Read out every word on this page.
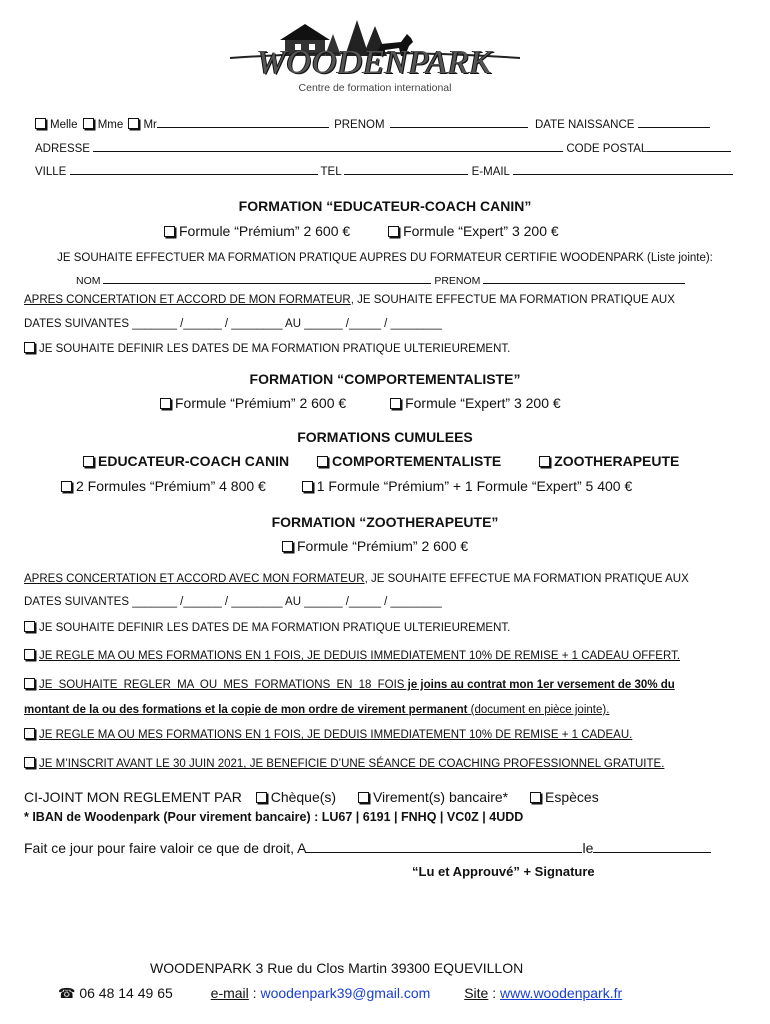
WOODENPARK
Centre de formation international
Melle Mme Mr	PRENOM	DATE NAISSANCE
ADRESSE	CODE POSTAL
VILLE	TEL	E-MAIL
FORMATION “EDUCATEUR-COACH CANIN”
Formule “Prémium” 2 600 €	Formule “Expert” 3 200 €
JE SOUHAITE EFFECTUER MA FORMATION PRATIQUE AUPRES DU FORMATEUR CERTIFIE WOODENPARK (Liste jointe):
NOM	PRENOM
APRES CONCERTATION ET ACCORD DE MON FORMATEUR, JE SOUHAITE EFFECTUE MA FORMATION PRATIQUE AUX
DATES SUIVANTES _______ /______ / ________ AU ______ /_____ / ________
JE SOUHAITE DEFINIR LES DATES DE MA FORMATION PRATIQUE ULTERIEUREMENT.
FORMATION “COMPORTEMENTALISTE”
Formule “Prémium” 2 600 €	Formule “Expert” 3 200 €
FORMATIONS CUMULEES
EDUCATEUR-COACH CANIN	COMPORTEMENTALISTE	ZOOTHERAPEUTE
2 Formules “Prémium” 4 800 €	1 Formule “Prémium” + 1 Formule “Expert” 5 400 €
FORMATION “ZOOTHERAPEUTE”
Formule “Prémium” 2 600 €
APRES CONCERTATION ET ACCORD AVEC MON FORMATEUR, JE SOUHAITE EFFECTUE MA FORMATION PRATIQUE AUX
DATES SUIVANTES _______ /______ / ________ AU ______ /_____ / ________
JE SOUHAITE DEFINIR LES DATES DE MA FORMATION PRATIQUE ULTERIEUREMENT.
JE REGLE MA OU MES FORMATIONS EN 1 FOIS, JE DEDUIS IMMEDIATEMENT 10% DE REMISE + 1 CADEAU OFFERT.
JE SOUHAITE REGLER MA OU MES FORMATIONS EN 18 FOIS je joins au contrat mon 1er versement de 30% du
montant de la ou des formations et la copie de mon ordre de virement permanent (document en pièce jointe).
JE REGLE MA OU MES FORMATIONS EN 1 FOIS, JE DEDUIS IMMEDIATEMENT 10% DE REMISE + 1 CADEAU.
JE M’INSCRIT AVANT LE 30 JUIN 2021, JE BENEFICIE D’UNE SÉANCE DE COACHING PROFESSIONNEL GRATUITE.
CI-JOINT MON REGLEMENT PAR Chèque(s)	Virement(s) bancaire*	Espèces
* IBAN de Woodenpark (Pour virement bancaire) : LU67 | 6191 | FNHQ | VC0Z | 4UDD
Fait ce jour pour faire valoir ce que de droit, A	le
“Lu et Approuvé” + Signature
WOODENPARK 3 Rue du Clos Martin 39300 EQUEVILLON
☎ 06 48 14 49 65	e-mail : woodenpark39@gmail.com Site : www.woodenpark.fr
